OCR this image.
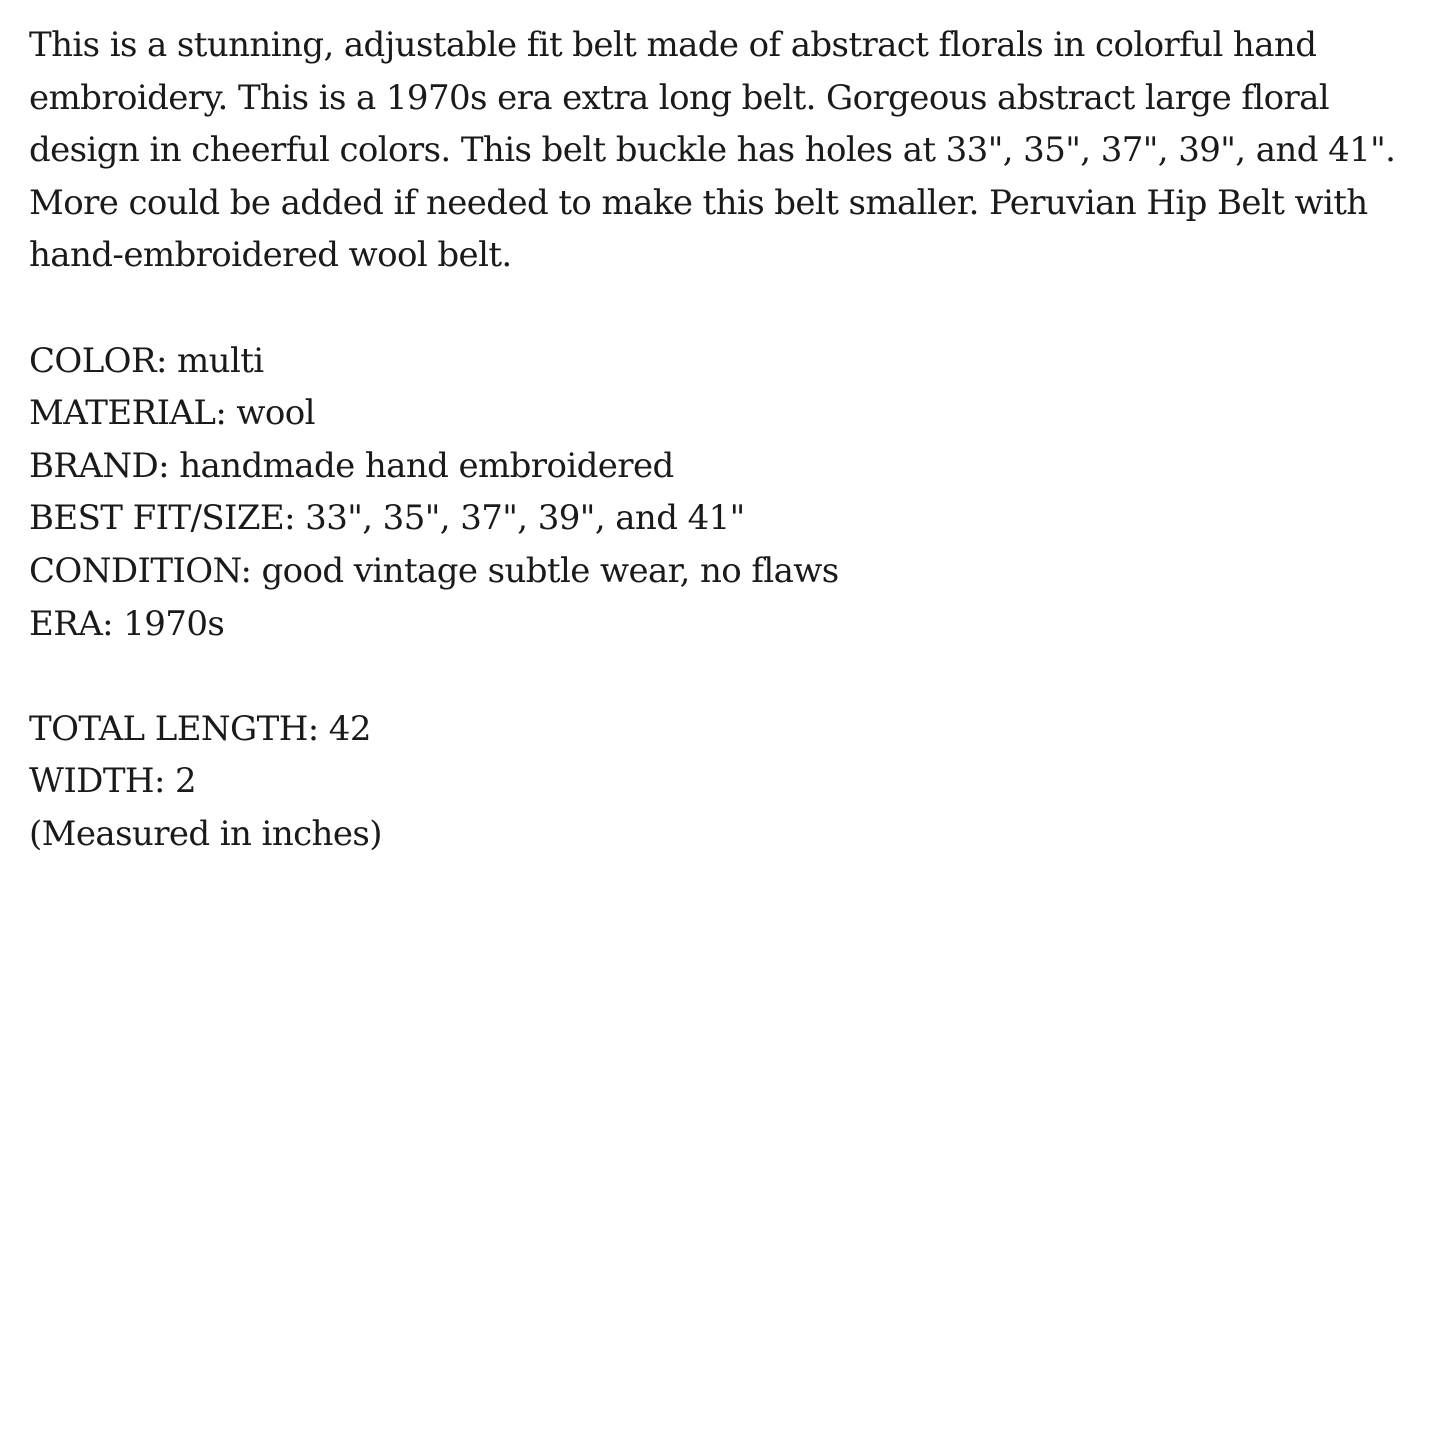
This is a stunning, adjustable fit belt made of abstract florals in colorful hand
embroidery. This is a 1970s era extra long belt. Gorgeous abstract large floral
design in cheerful colors. This belt buckle has holes at 33", 35", 37", 39", and 41".
More could be added if needed to make this belt smaller. Peruvian Hip Belt with
hand-embroidered wool belt.
COLOR: multi
MATERIAL: wool
BRAND: handmade hand embroidered
BEST FIT/SIZE: 33", 35", 37", 39", and 41"
CONDITION: good vintage subtle wear, no flaws
ERA: 1970s
TOTAL LENGTH: 42
WIDTH: 2
(Measured in inches)
